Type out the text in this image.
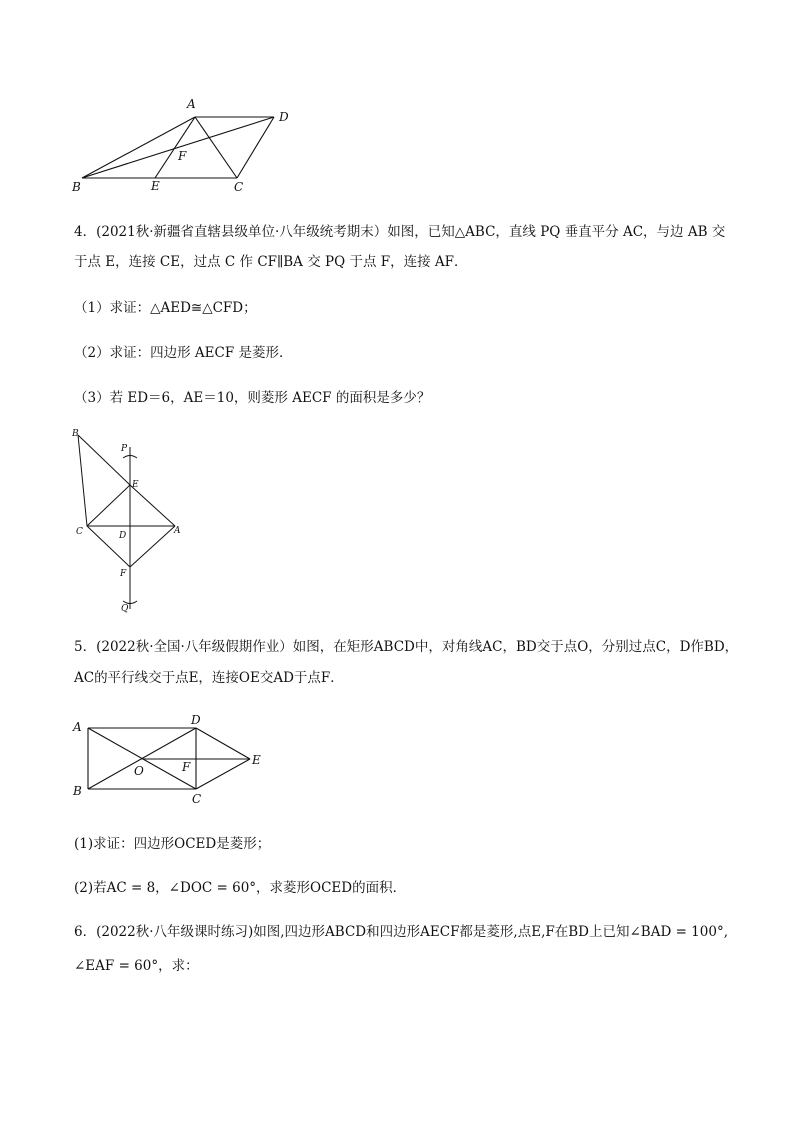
A
D
F
B	E	C
4．(2021秋·新疆省直辖县级单位·八年级统考期末）如图，已知△ABC，直线 PQ 垂直平分 AC，与边 AB 交
于点 E，连接 CE，过点 C 作 CF∥BA 交 PQ 于点 F，连接 AF．
（1）求证：△AED≅△CFD；
（2）求证：四边形 AECF 是菱形．
（3）若 ED＝6，AE＝10，则菱形 AECF 的面积是多少？
B
P
E
C	D	A
F
Q
5．(2022秋·全国·八年级假期作业）如图，在矩形ABCD中，对角线AC，BD交于点O，分别过点C，D作BD，
AC的平行线交于点E，连接OE交AD于点F．
A	D
E
O	F
B
C
(1)求证：四边形OCED是菱形；
(2)若AC = 8，∠DOC = 60°，求菱形OCED的面积．
6．(2022秋·八年级课时练习)如图,四边形ABCD和四边形AECF都是菱形,点E,F在BD上已知∠BAD = 100°,
∠EAF = 60°，求：
